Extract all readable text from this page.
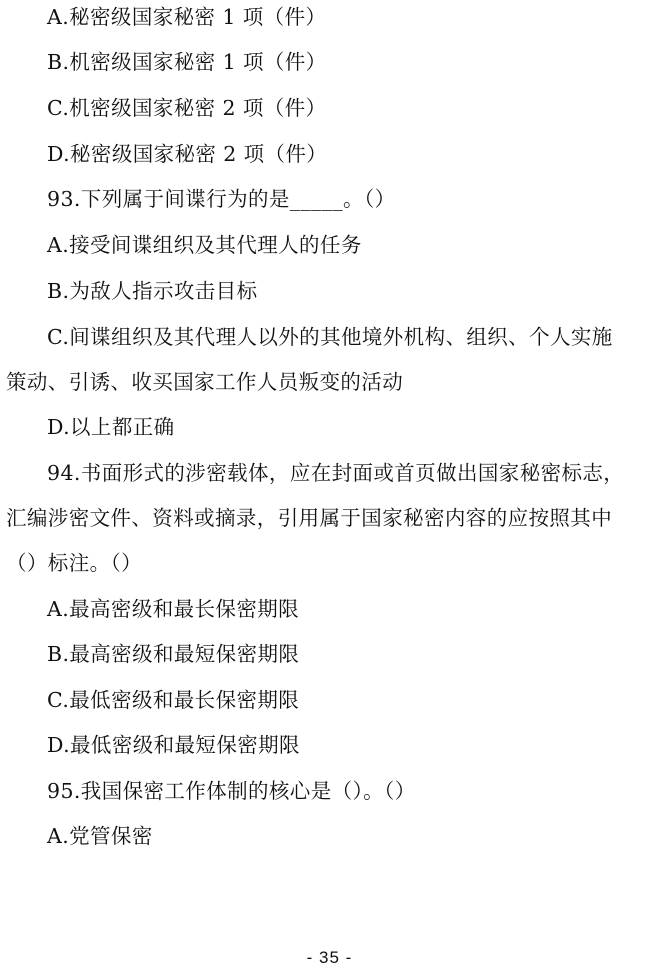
A.秘密级国家秘密 1 项（件）
B.机密级国家秘密 1 项（件）
C.机密级国家秘密 2 项（件）
D.秘密级国家秘密 2 项（件）
93.下列属于间谍行为的是_____。（）
A.接受间谍组织及其代理人的任务
B.为敌人指示攻击目标
C.间谍组织及其代理人以外的其他境外机构、组织、个人实施
策动、引诱、收买国家工作人员叛变的活动
D.以上都正确
94.书面形式的涉密载体，应在封面或首页做出国家秘密标志，
汇编涉密文件、资料或摘录，引用属于国家秘密内容的应按照其中
（）标注。（）
A.最高密级和最长保密期限
B.最高密级和最短保密期限
C.最低密级和最长保密期限
D.最低密级和最短保密期限
95.我国保密工作体制的核心是（）。（）
A.党管保密
- 35 -
